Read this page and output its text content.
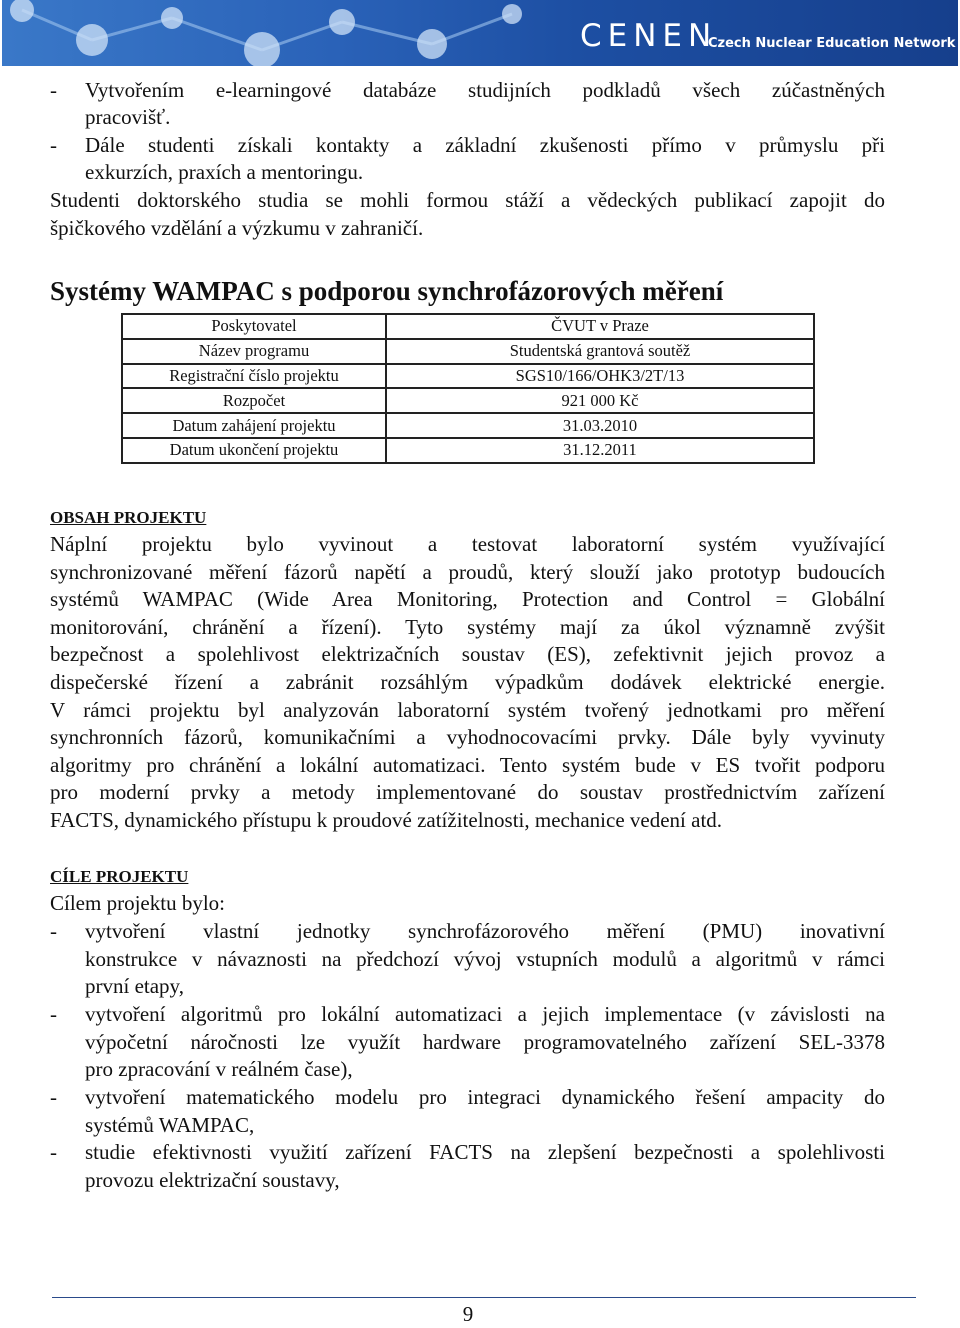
CENEN
Czech Nuclear Education Network
- Vytvořením e-learningové databáze studijních podkladů všech zúčastněných
pracovišť.
- Dále studenti získali kontakty a základní zkušenosti přímo v průmyslu při
exkurzích, praxích a mentoringu.
Studenti doktorského studia se mohli formou stáží a vědeckých publikací zapojit do
špičkového vzdělání a výzkumu v zahraničí.
Systémy WAMPAC s podporou synchrofázorových měření
Poskytovatel	ČVUT v Praze
Název programu	Studentská grantová soutěž
Registrační číslo projektu	SGS10/166/OHK3/2T/13
Rozpočet	921 000 Kč
Datum zahájení projektu	31.03.2010
Datum ukončení projektu	31.12.2011
OBSAH PROJEKTU
Náplní projektu bylo vyvinout a testovat laboratorní systém využívající
synchronizované měření fázorů napětí a proudů, který slouží jako prototyp budoucích
systémů WAMPAC (Wide Area Monitoring, Protection and Control = Globální
monitorování, chránění a řízení). Tyto systémy mají za úkol významně zvýšit
bezpečnost a spolehlivost elektrizačních soustav (ES), zefektivnit jejich provoz a
dispečerské řízení a zabránit rozsáhlým výpadkům dodávek elektrické energie.
V rámci projektu byl analyzován laboratorní systém tvořený jednotkami pro měření
synchronních fázorů, komunikačními a vyhodnocovacími prvky. Dále byly vyvinuty
algoritmy pro chránění a lokální automatizaci. Tento systém bude v ES tvořit podporu
pro moderní prvky a metody implementované do soustav prostřednictvím zařízení
FACTS, dynamického přístupu k proudové zatížitelnosti, mechanice vedení atd.
CÍLE PROJEKTU
Cílem projektu bylo:
- vytvoření vlastní jednotky synchrofázorového měření (PMU) inovativní
konstrukce v návaznosti na předchozí vývoj vstupních modulů a algoritmů v rámci
první etapy,
- vytvoření algoritmů pro lokální automatizaci a jejich implementace (v závislosti na
výpočetní náročnosti lze využít hardware programovatelného zařízení SEL-3378
pro zpracování v reálném čase),
- vytvoření matematického modelu pro integraci dynamického řešení ampacity do
systémů WAMPAC,
- studie efektivnosti využití zařízení FACTS na zlepšení bezpečnosti a spolehlivosti
provozu elektrizační soustavy,
9
